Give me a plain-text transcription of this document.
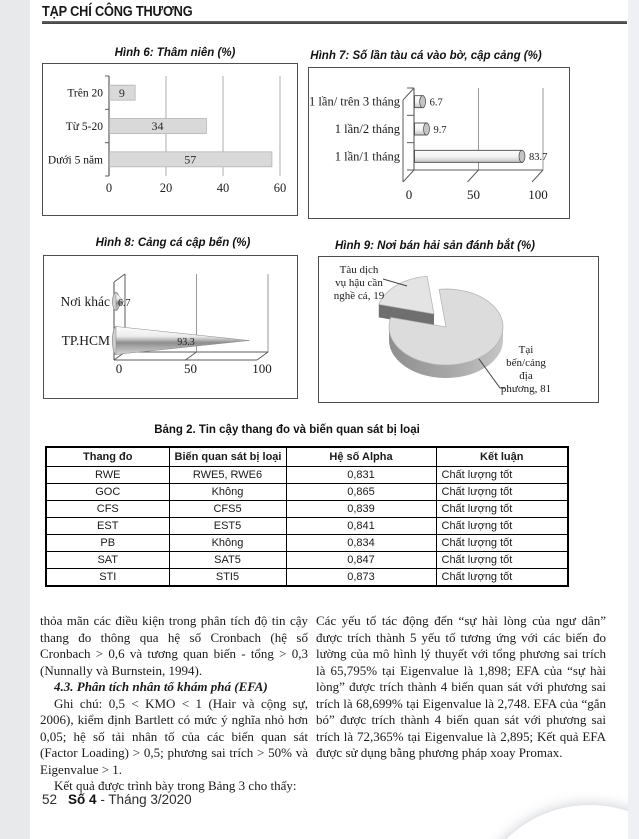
TẠP CHÍ CÔNG THƯƠNG
Hình 6: Thâm niên (%)
0	20	40	60
9
Trên 20
34
Từ 5-20
57
Dưới 5 năm
Hình 7: Số lần tàu cá vào bờ, cập cảng (%)
0	50	100
6.7
1 lần/ trên 3 tháng
9.7
1 lần/2 tháng
83.7
1 lần/1 tháng
Hình 8: Cảng cá cập bến (%)
0	50	100
Nơi khác
TP.HCM
6.7
93.3
Hình 9: Nơi bán hải sản đánh bắt (%)
Tàu dịch
vụ hậu cần
nghề cá, 19
Tại
bến/cảng
địa
phương, 81
Bảng 2. Tin cậy thang đo và biến quan sát bị loại
Thang đo	Biến quan sát bị loại	Hệ số Alpha	Kết luận
RWE	RWE5, RWE6	0,831	Chất lượng tốt
GOC	Không	0,865	Chất lượng tốt
CFS	CFS5	0,839	Chất lượng tốt
EST	EST5	0,841	Chất lượng tốt
PB	Không	0,834	Chất lượng tốt
SAT	SAT5	0,847	Chất lượng tốt
STI	STI5	0,873	Chất lượng tốt

thỏa mãn các điều kiện trong phân tích độ tin cậy thang đo thông qua hệ số Cronbach (hệ số Cronbach > 0,6 và tương quan biến - tổng > 0,3 (Nunnally và Burnstein, 1994).

4.3. Phân tích nhân tố khám phá (EFA)

Ghi chú: 0,5 < KMO < 1 (Hair và cộng sự, 2006), kiểm định Bartlett có mức ý nghĩa nhỏ hơn 0,05; hệ số tải nhân tố của các biến quan sát (Factor Loading) > 0,5; phương sai trích > 50% và Eigenvalue > 1.

Kết quả được trình bày trong Bảng 3 cho thấy:

Các yếu tố tác động đến “sự hài lòng của ngư dân” được trích thành 5 yếu tố tương ứng với các biến đo lường của mô hình lý thuyết với tổng phương sai trích là 65,795% tại Eigenvalue là 1,898; EFA của “sự hài lòng” được trích thành 4 biến quan sát với phương sai trích là 68,699% tại Eigenvalue là 2,748. EFA của “gắn bó” được trích thành 4 biến quan sát với phương sai trích là 72,365% tại Eigenvalue là 2,895; Kết quả EFA được sử dụng bằng phương pháp xoay Promax.

52 Số 4 - Tháng 3/2020
